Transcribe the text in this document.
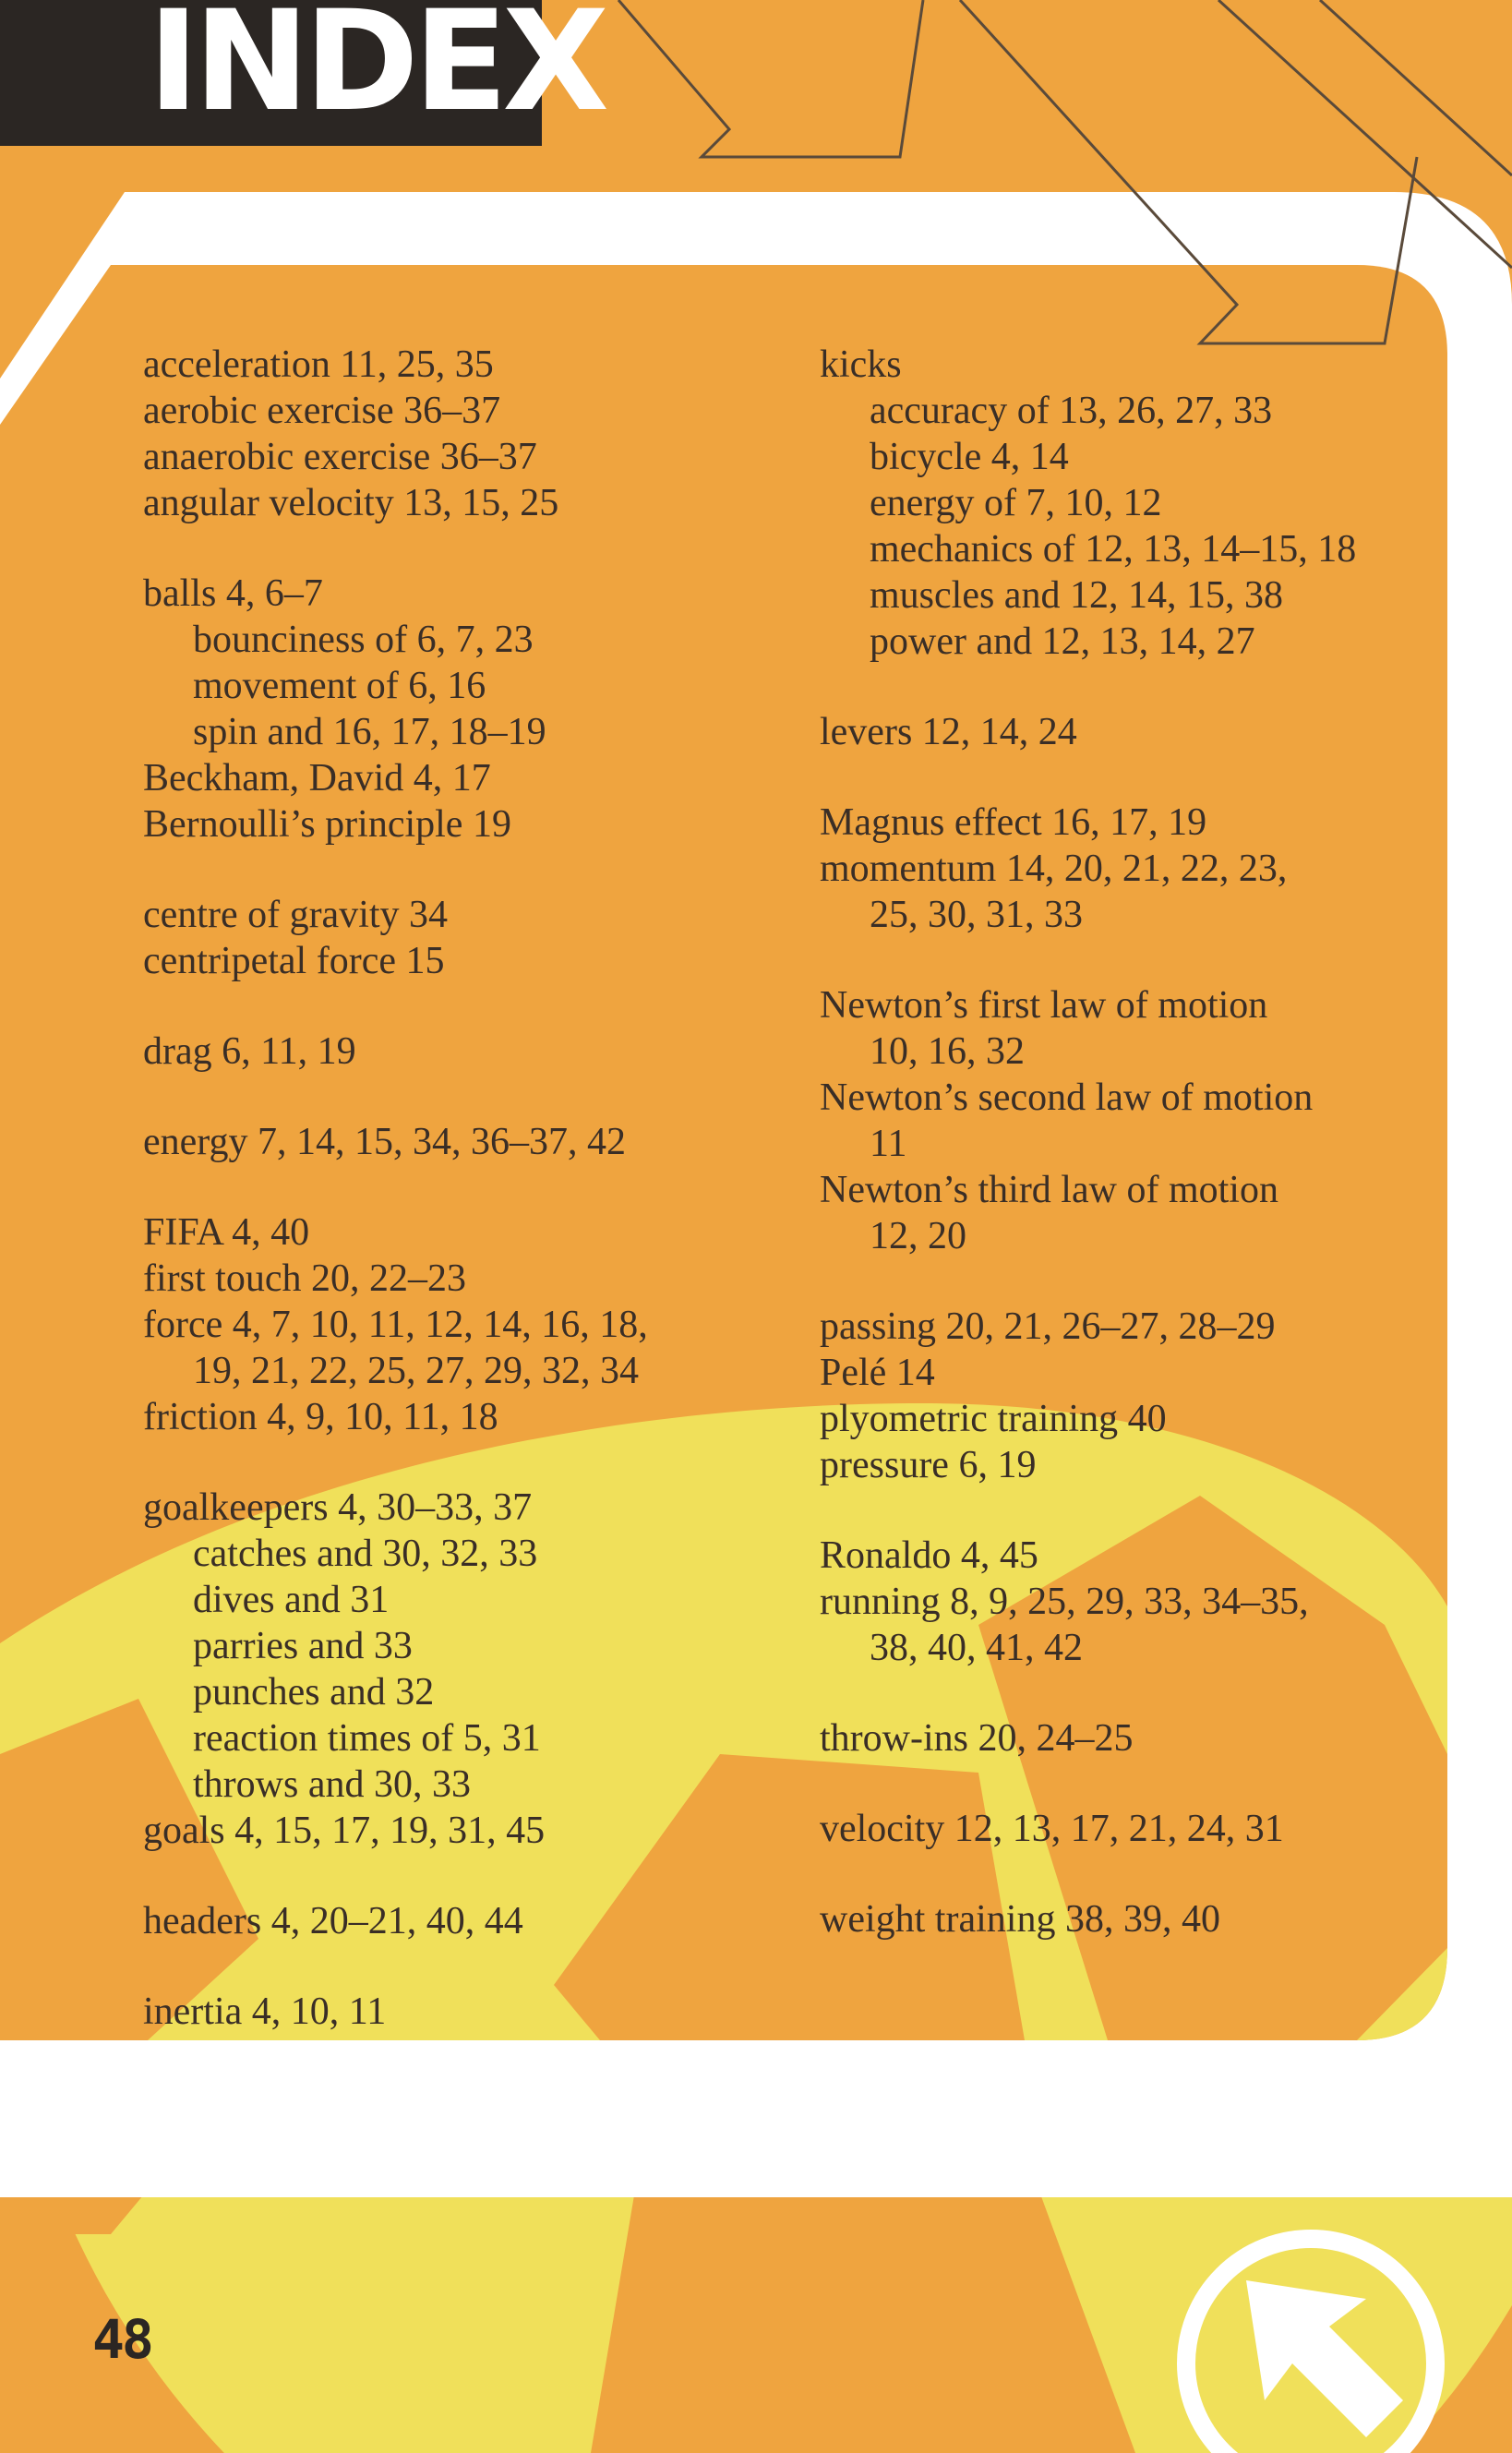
INDEX

acceleration 11, 25, 35

aerobic exercise 36–37

anaerobic exercise 36–37

angular velocity 13, 15, 25

balls 4, 6–7

bounciness of 6, 7, 23

movement of 6, 16

spin and 16, 17, 18–19

Beckham, David 4, 17

Bernoulli’s principle 19

centre of gravity 34

centripetal force 15

drag 6, 11, 19

energy 7, 14, 15, 34, 36–37, 42

FIFA 4, 40

first touch 20, 22–23

force 4, 7, 10, 11, 12, 14, 16, 18,

19, 21, 22, 25, 27, 29, 32, 34

friction 4, 9, 10, 11, 18

goalkeepers 4, 30–33, 37

catches and 30, 32, 33

dives and 31

parries and 33

punches and 32

reaction times of 5, 31

throws and 30, 33

goals 4, 15, 17, 19, 31, 45

headers 4, 20–21, 40, 44

inertia 4, 10, 11

kicks

accuracy of 13, 26, 27, 33

bicycle 4, 14

energy of 7, 10, 12

mechanics of 12, 13, 14–15, 18

muscles and 12, 14, 15, 38

power and 12, 13, 14, 27

levers 12, 14, 24

Magnus effect 16, 17, 19

momentum 14, 20, 21, 22, 23,

25, 30, 31, 33

Newton’s first law of motion

10, 16, 32

Newton’s second law of motion

11

Newton’s third law of motion

12, 20

passing 20, 21, 26–27, 28–29

Pelé 14

plyometric training 40

pressure 6, 19

Ronaldo 4, 45

running 8, 9, 25, 29, 33, 34–35,

38, 40, 41, 42

throw-ins 20, 24–25

velocity 12, 13, 17, 21, 24, 31

weight training 38, 39, 40

48
